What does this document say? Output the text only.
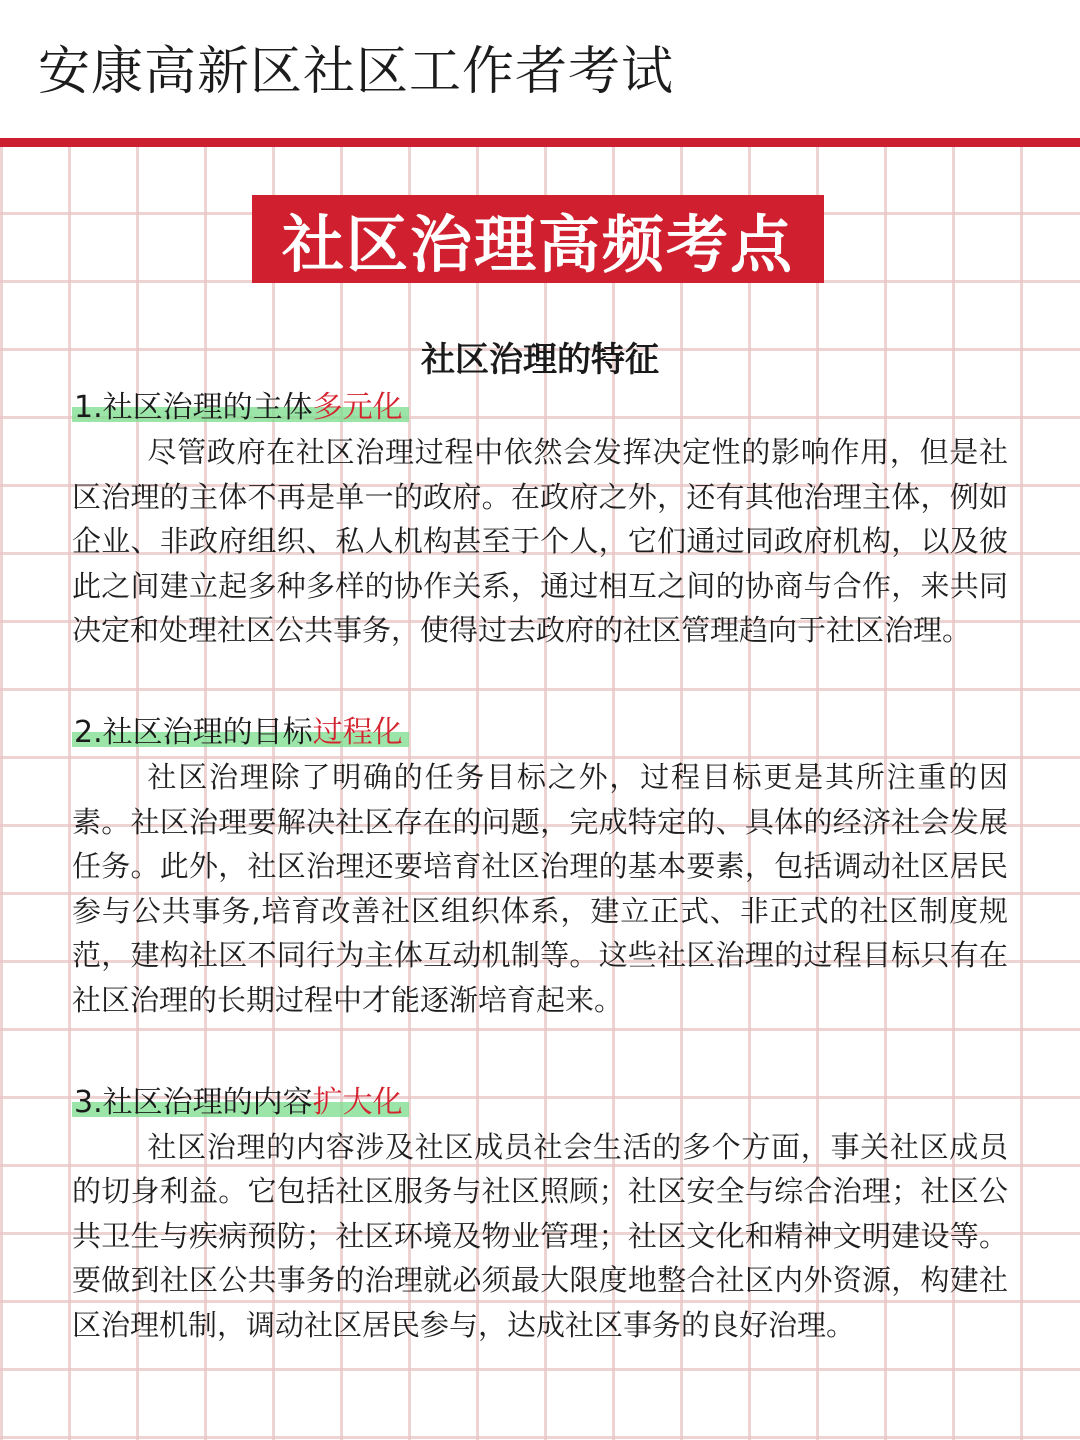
安康高新区社区工作者考试
社区治理高频考点
社区治理的特征

1.社区治理的主体多元化

尽管政府在社区治理过程中依然会发挥决定性的影响作用，但是社区治理的主体不再是单一的政府。在政府之外，还有其他治理主体，例如企业、非政府组织、私人机构甚至于个人，它们通过同政府机构，以及彼此之间建立起多种多样的协作关系，通过相互之间的协商与合作，来共同决定和处理社区公共事务，使得过去政府的社区管理趋向于社区治理。

2.社区治理的目标过程化

社区治理除了明确的任务目标之外，过程目标更是其所注重的因素。社区治理要解决社区存在的问题，完成特定的、具体的经济社会发展任务。此外，社区治理还要培育社区治理的基本要素，包括调动社区居民参与公共事务,培育改善社区组织体系，建立正式、非正式的社区制度规范，建构社区不同行为主体互动机制等。这些社区治理的过程目标只有在社区治理的长期过程中才能逐渐培育起来。

3.社区治理的内容扩大化

社区治理的内容涉及社区成员社会生活的多个方面，事关社区成员的切身利益。它包括社区服务与社区照顾；社区安全与综合治理；社区公共卫生与疾病预防；社区环境及物业管理；社区文化和精神文明建设等。要做到社区公共事务的治理就必须最大限度地整合社区内外资源，构建社区治理机制，调动社区居民参与，达成社区事务的良好治理。
